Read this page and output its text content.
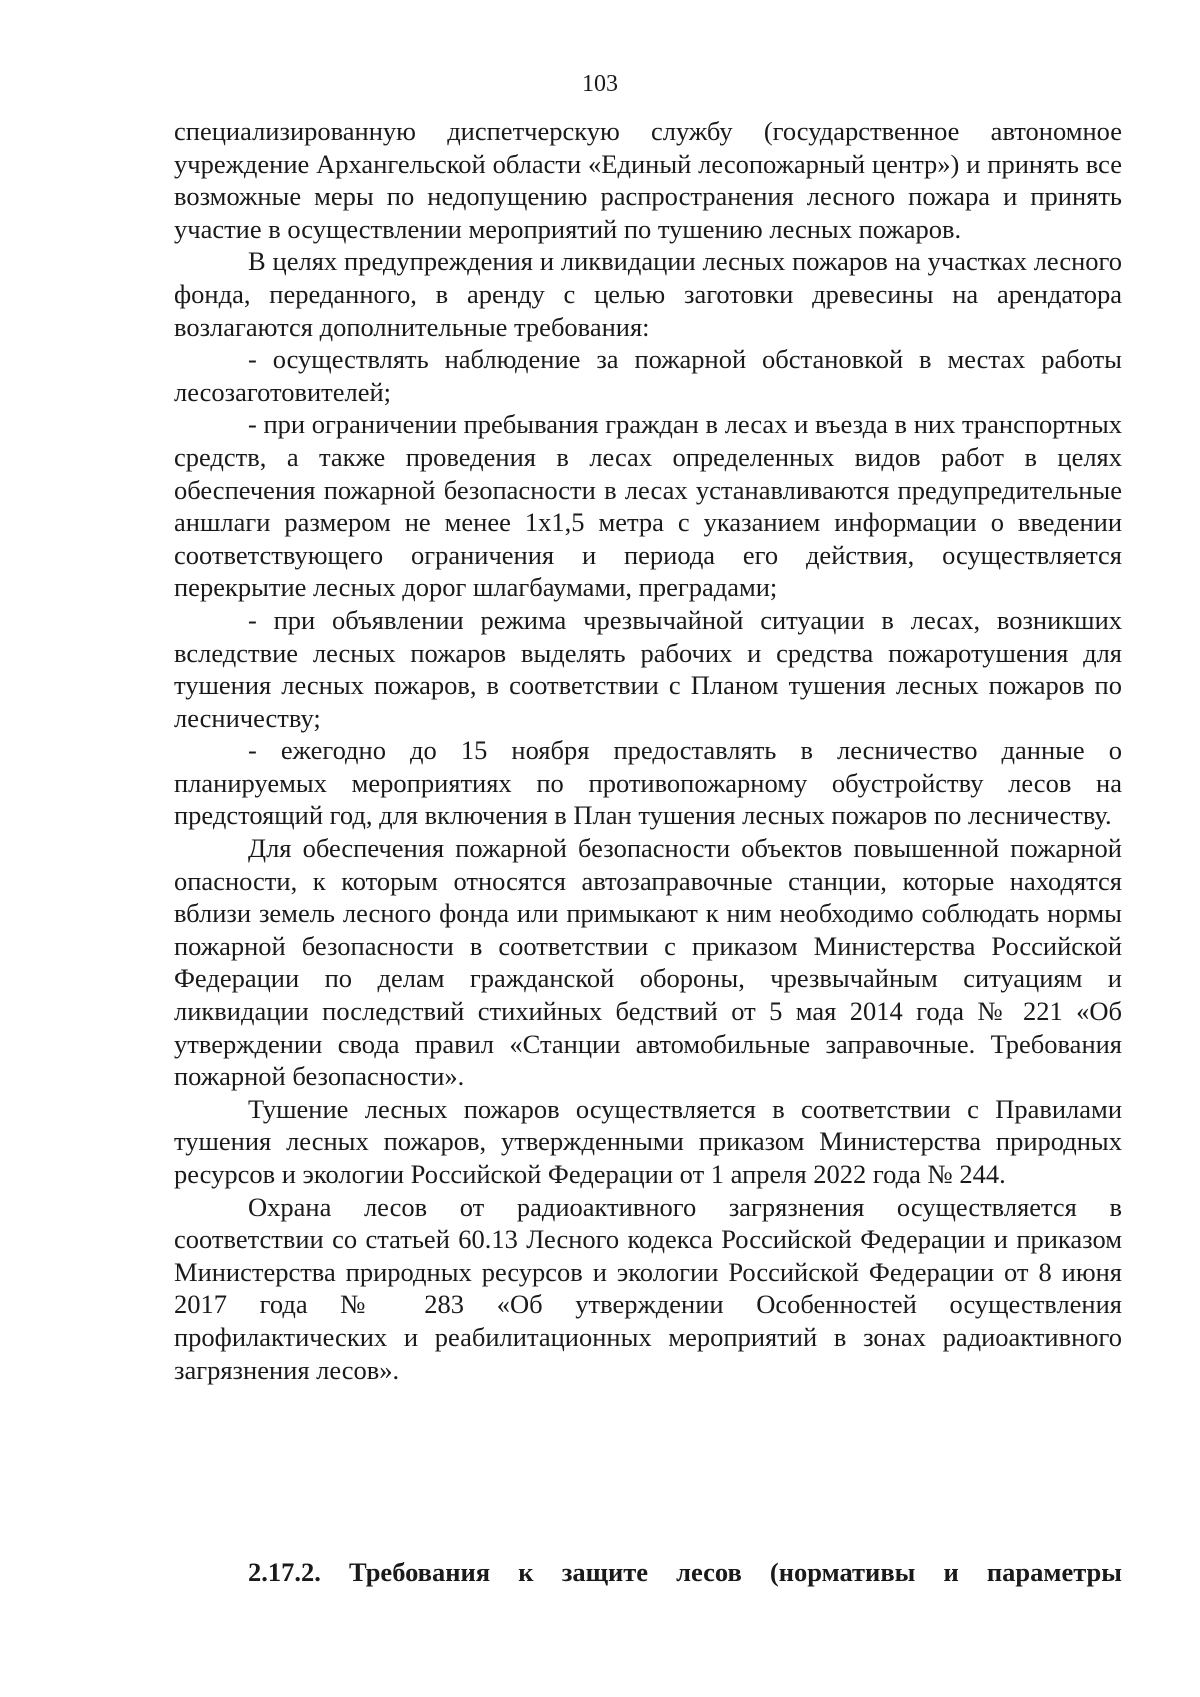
103

специализированную диспетчерскую службу (государственное автономное учреждение Архангельской области «Единый лесопожарный центр») и принять все возможные меры по недопущению распространения лесного пожара и принять участие в осуществлении мероприятий по тушению лесных пожаров.

В целях предупреждения и ликвидации лесных пожаров на участках лесного фонда, переданного, в аренду с целью заготовки древесины на арендатора возлагаются дополнительные требования:

- осуществлять наблюдение за пожарной обстановкой в местах работы лесозаготовителей;

- при ограничении пребывания граждан в лесах и въезда в них транспортных средств, а также проведения в лесах определенных видов работ в целях обеспечения пожарной безопасности в лесах устанавливаются предупредительные аншлаги размером не менее 1х1,5 метра с указанием информации о введении соответствующего ограничения и периода его действия, осуществляется перекрытие лесных дорог шлагбаумами, преградами;

- при объявлении режима чрезвычайной ситуации в лесах, возникших вследствие лесных пожаров выделять рабочих и средства пожаротушения для тушения лесных пожаров, в соответствии с Планом тушения лесных пожаров по лесничеству;

- ежегодно до 15 ноября предоставлять в лесничество данные о планируемых мероприятиях по противопожарному обустройству лесов на предстоящий год, для включения в План тушения лесных пожаров по лесничеству.

Для обеспечения пожарной безопасности объектов повышенной пожарной опасности, к которым относятся автозаправочные станции, которые находятся вблизи земель лесного фонда или примыкают к ним необходимо соблюдать нормы пожарной безопасности в соответствии с приказом Министерства Российской Федерации по делам гражданской обороны, чрезвычайным ситуациям и ликвидации последствий стихийных бедствий от 5 мая 2014 года № 221 «Об утверждении свода правил «Станции автомобильные заправочные. Требования пожарной безопасности».

Тушение лесных пожаров осуществляется в соответствии с Правилами тушения лесных пожаров, утвержденными приказом Министерства природных ресурсов и экологии Российской Федерации от 1 апреля 2022 года № 244.

Охрана лесов от радиоактивного загрязнения осуществляется в соответствии со статьей 60.13 Лесного кодекса Российской Федерации и приказом Министерства природных ресурсов и экологии Российской Федерации от 8 июня 2017 года № 283 «Об утверждении Особенностей осуществления профилактических и реабилитационных мероприятий в зонах радиоактивного загрязнения лесов».

2.17.2. Требования к защите лесов (нормативы и параметры
